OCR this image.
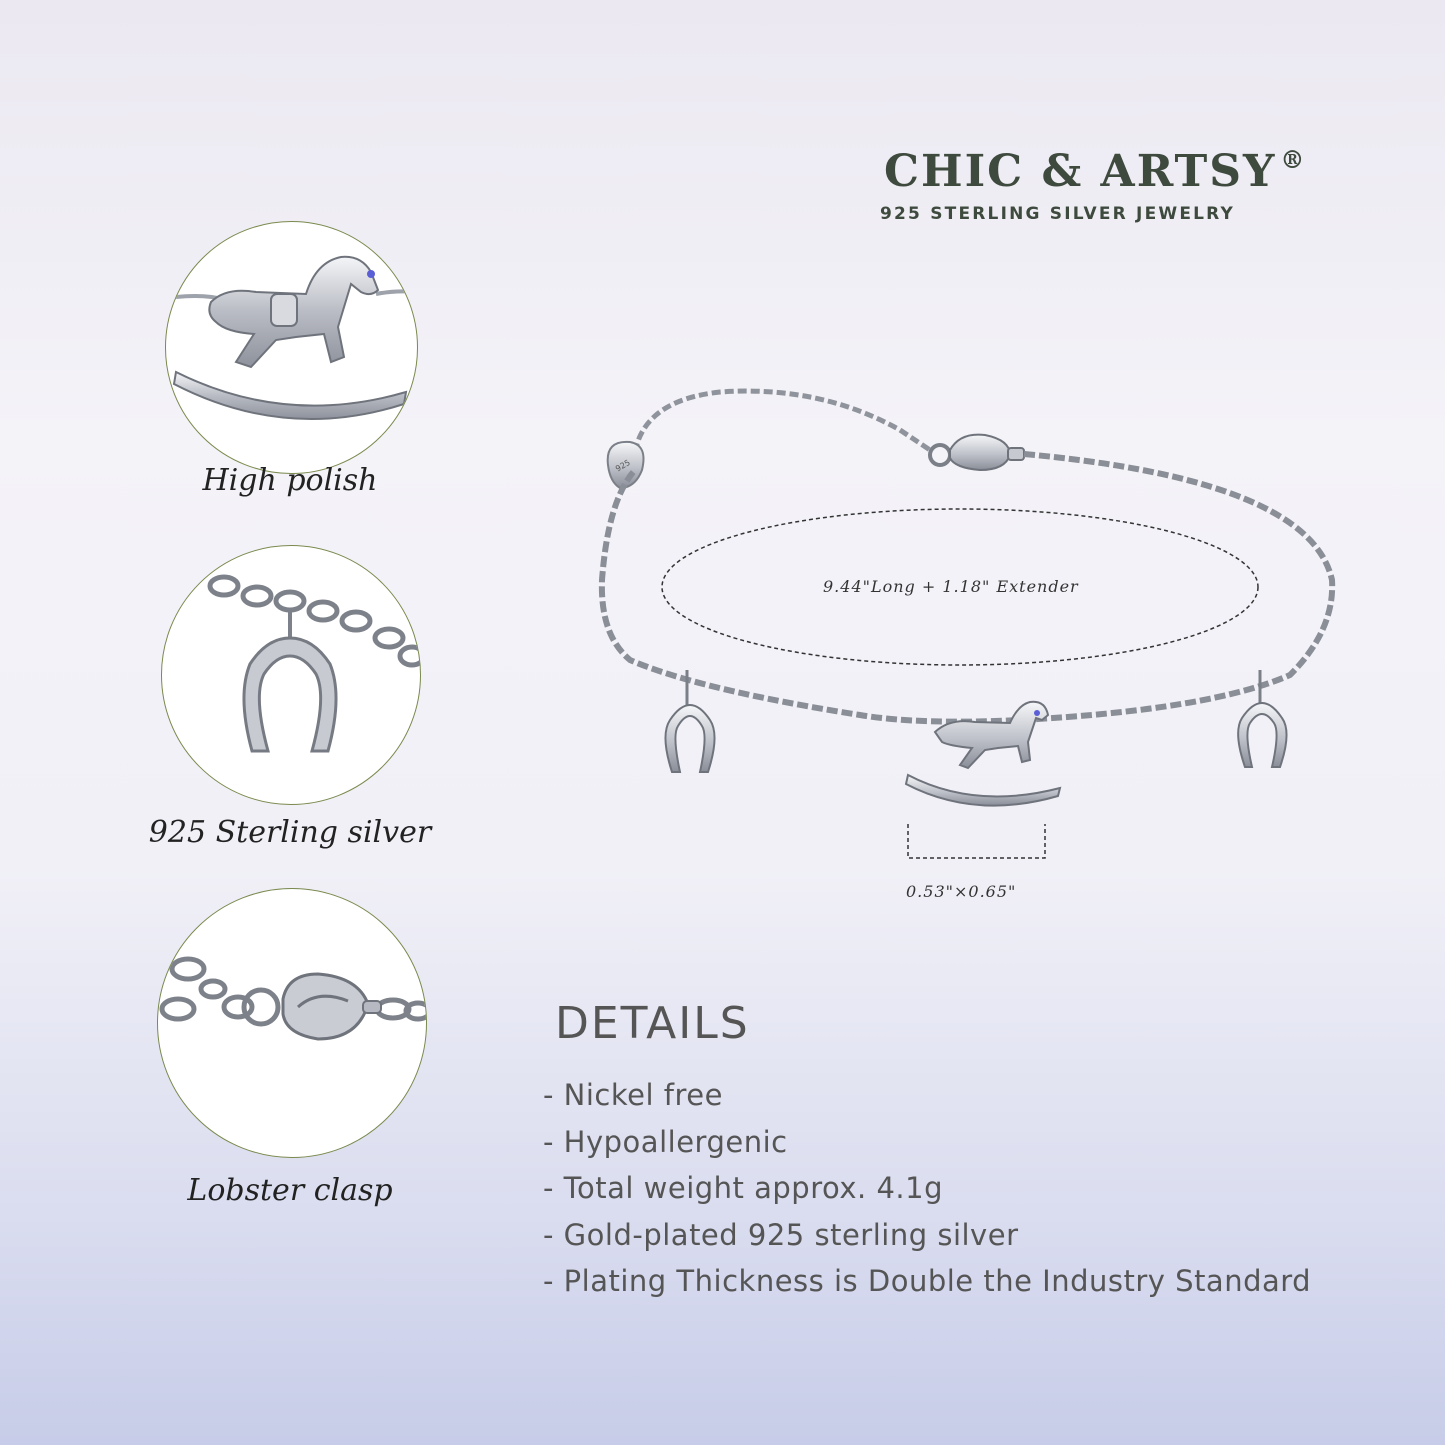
CHIC & ARTSY ®
925 STERLING SILVER JEWELRY
High polish
925 Sterling silver
Lobster clasp
925
9.44"Long + 1.18" Extender
0.53"×0.65"
DETAILS
- Nickel free
- Hypoallergenic
- Total weight approx. 4.1g
- Gold-plated 925 sterling silver
- Plating Thickness is Double the Industry Standard
